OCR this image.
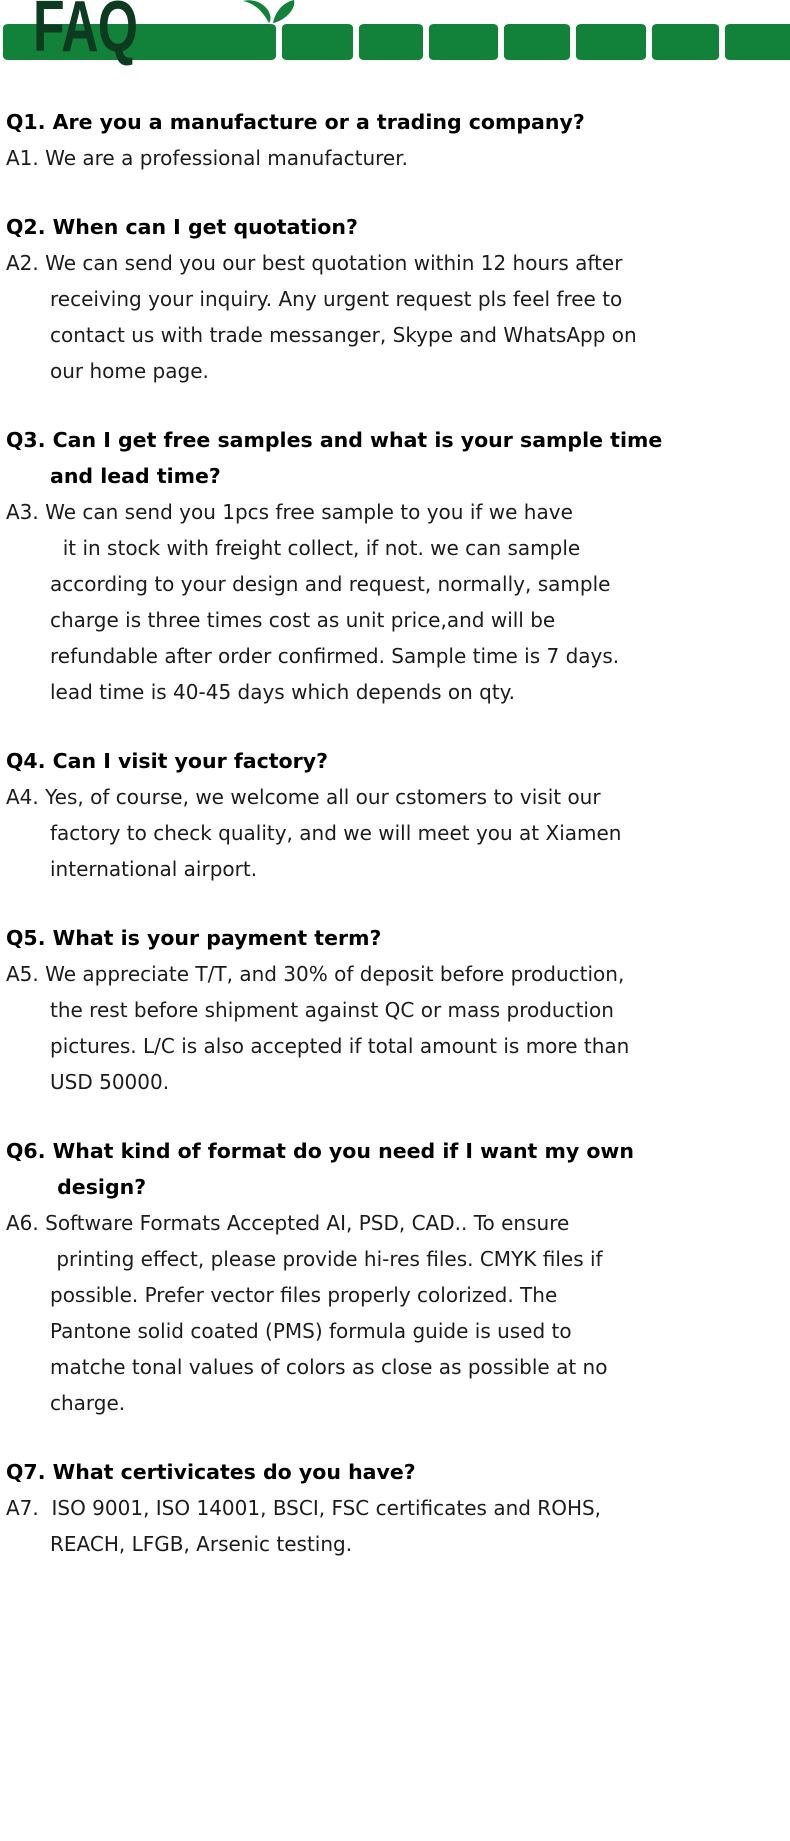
FAQ
Q1. Are you a manufacture or a trading company?
A1. We are a professional manufacturer.
Q2. When can I get quotation?
A2. We can send you our best quotation within 12 hours after
receiving your inquiry. Any urgent request pls feel free to
contact us with trade messanger, Skype and WhatsApp on
our home page.
Q3. Can I get free samples and what is your sample time
and lead time?
A3. We can send you 1pcs free sample to you if we have
it in stock with freight collect, if not. we can sample
according to your design and request, normally, sample
charge is three times cost as unit price,and will be
refundable after order confirmed. Sample time is 7 days.
lead time is 40-45 days which depends on qty.
Q4. Can I visit your factory?
A4. Yes, of course, we welcome all our cstomers to visit our
factory to check quality, and we will meet you at Xiamen
international airport.
Q5. What is your payment term?
A5. We appreciate T/T, and 30% of deposit before production,
the rest before shipment against QC or mass production
pictures. L/C is also accepted if total amount is more than
USD 50000.
Q6. What kind of format do you need if I want my own
design?
A6. Software Formats Accepted AI, PSD, CAD.. To ensure
printing effect, please provide hi-res files. CMYK files if
possible. Prefer vector files properly colorized. The
Pantone solid coated (PMS) formula guide is used to
matche tonal values of colors as close as possible at no
charge.
Q7. What certivicates do you have?
A7.  ISO 9001, ISO 14001, BSCI, FSC certificates and ROHS,
REACH, LFGB, Arsenic testing.
